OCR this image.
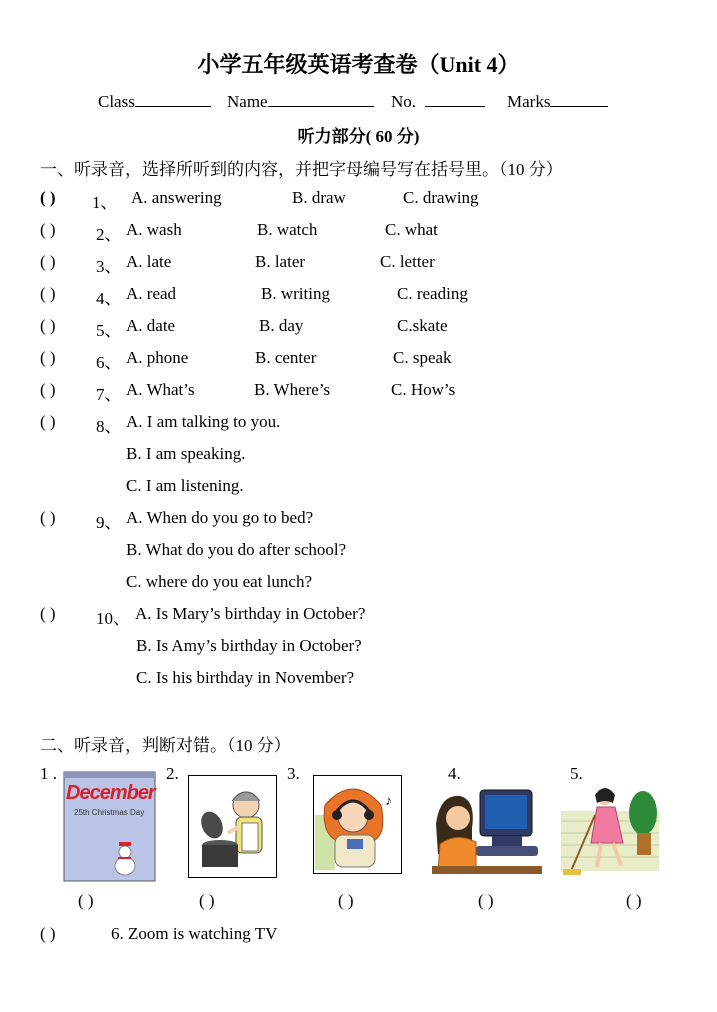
小学五年级英语考查卷（Unit 4）
Class	Name	No.	Marks
听力部分( 60 分)
一、听录音，选择所听到的内容，并把字母编号写在括号里。（10 分）
( ) 1、 A. answering	B. draw	C. drawing
( ) 2、 A. wash	B. watch	C. what
( ) 3、 A. late	B. later	C. letter
( ) 4、 A. read	B. writing	C. reading
( ) 5、 A. date	B. day	C.skate
( ) 6、 A. phone	B. center	C. speak
( ) 7、 A. What’s	B. Where’s	C. How’s
( ) 8、 A. I am talking to you.
B. I am speaking.
C. I am listening.
( ) 9、 A. When do you go to bed?
B. What do you do after school?
C. where do you eat lunch?
( ) 10、 A. Is Mary’s birthday in October?
B. Is Amy’s birthday in October?
C. Is his birthday in November?
二、听录音，判断对错。（10 分）
1 .	2.	3.	4.	5.
December
25th Christmas Day
♪
( )	( )	( )	( )	( )
( )	6. Zoom is watching TV
